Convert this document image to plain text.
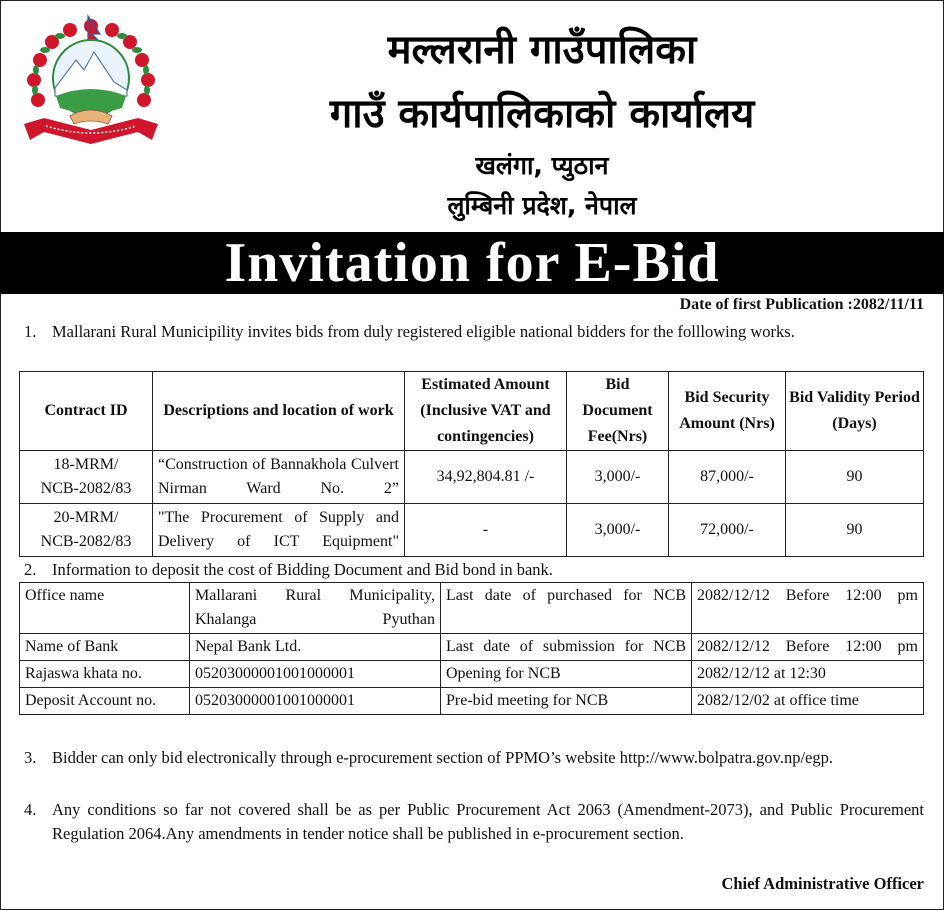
मल्लरानी गाउँपालिका
गाउँ कार्यपालिकाको कार्यालय
खलंगा, प्युठान
लुम्बिनी प्रदेश, नेपाल
Invitation for E-Bid
Date of first Publication :2082/11/11
1. Mallarani Rural Municipility invites bids from duly registered eligible national bidders for the folllowing works.
Contract ID	Descriptions and location of work	Estimated Amount (Inclusive VAT and contingencies)	Bid Document Fee(Nrs)	Bid Security Amount (Nrs)	Bid Validity Period (Days)

18-MRM/
NCB-2082/83	“Construction of Bannakhola Culvert Nirman Ward No. 2”	34,92,804.81 /-	3,000/-	87,000/-	90

20-MRM/
NCB-2082/83	"The Procurement of Supply and Delivery of ICT Equipment"	-	3,000/-	72,000/-	90
2. Information to deposit the cost of Bidding Document and Bid bond in bank.
Office name	Mallarani Rural Municipality, Khalanga Pyuthan	Last date of purchased for NCB	2082/12/12 Before 12:00 pm
Name of Bank	Nepal Bank Ltd.	Last date of submission for NCB	2082/12/12 Before 12:00 pm
Rajaswa khata no.	05203000001001000001	Opening for NCB	2082/12/12 at 12:30
Deposit Account no.	05203000001001000001	Pre-bid meeting for NCB	2082/12/02 at office time
3. Bidder can only bid electronically through e-procurement section of PPMO’s website http://www.bolpatra.gov.np/egp.
4. Any conditions so far not covered shall be as per Public Procurement Act 2063 (Amendment-2073), and Public Procurement Regulation 2064.Any amendments in tender notice shall be published in e-procurement section.
Chief Administrative Officer
